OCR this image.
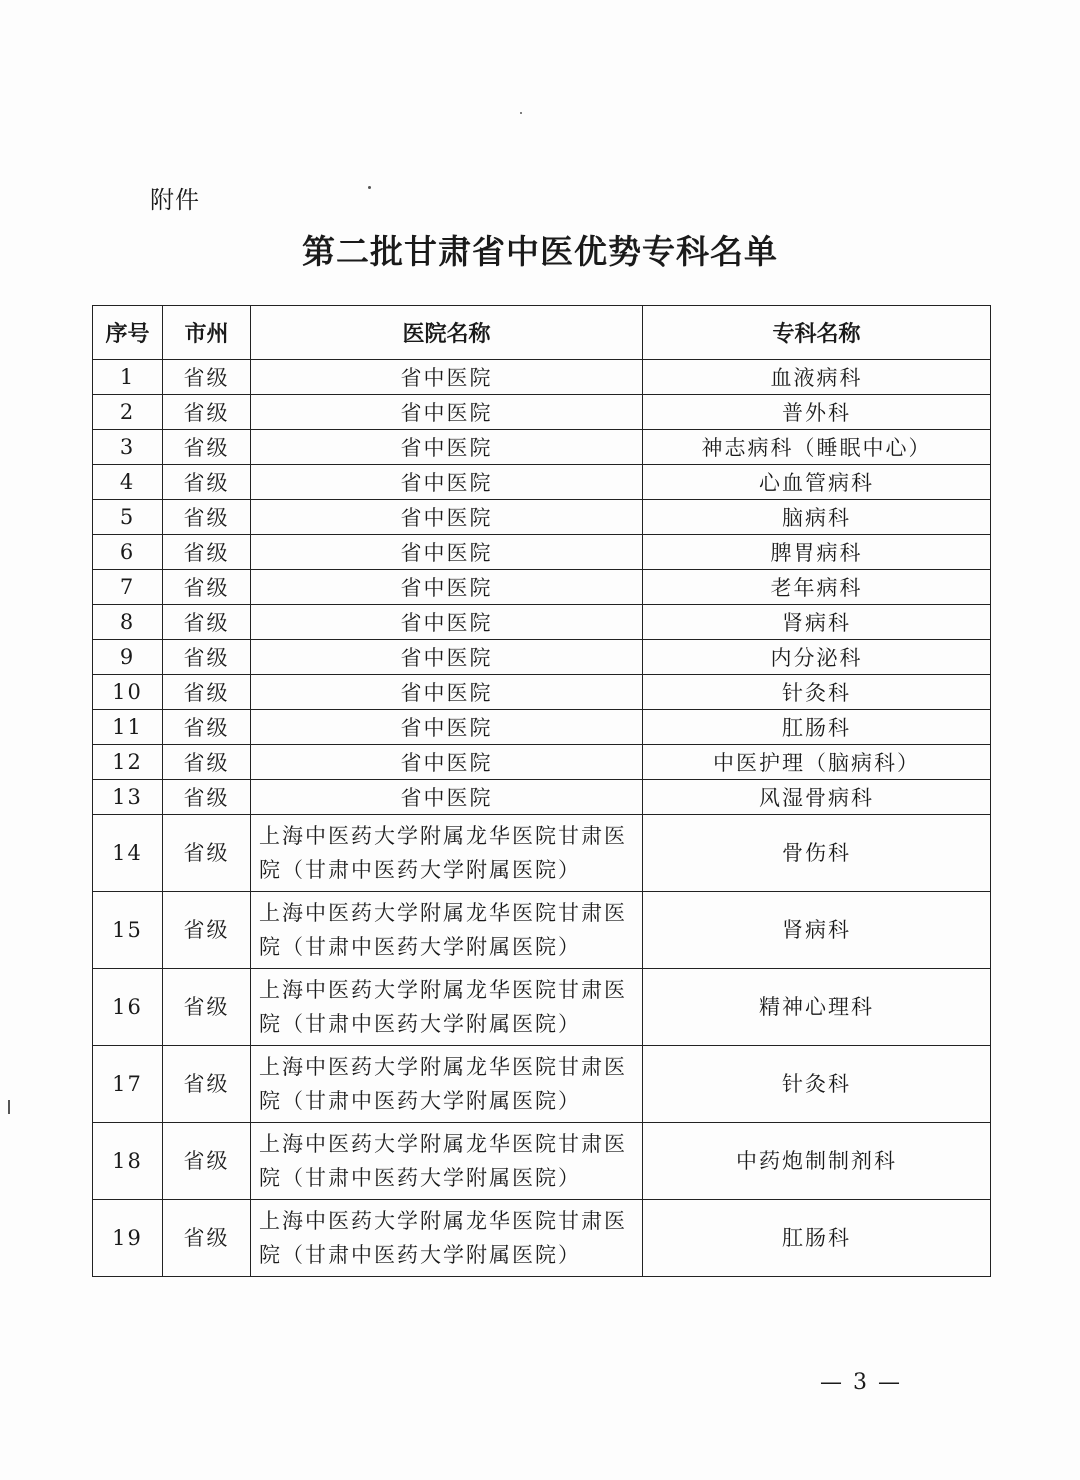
附件
第二批甘肃省中医优势专科名单
序号	市州	医院名称	专科名称
1	省级	省中医院	血液病科
2	省级	省中医院	普外科
3	省级	省中医院	神志病科（睡眠中心）
4	省级	省中医院	心血管病科
5	省级	省中医院	脑病科
6	省级	省中医院	脾胃病科
7	省级	省中医院	老年病科
8	省级	省中医院	肾病科
9	省级	省中医院	内分泌科
10	省级	省中医院	针灸科
11	省级	省中医院	肛肠科
12	省级	省中医院	中医护理（脑病科）
13	省级	省中医院	风湿骨病科
14	省级	上海中医药大学附属龙华医院甘肃医院（甘肃中医药大学附属医院）	骨伤科
15	省级	上海中医药大学附属龙华医院甘肃医院（甘肃中医药大学附属医院）	肾病科
16	省级	上海中医药大学附属龙华医院甘肃医院（甘肃中医药大学附属医院）	精神心理科
17	省级	上海中医药大学附属龙华医院甘肃医院（甘肃中医药大学附属医院）	针灸科
18	省级	上海中医药大学附属龙华医院甘肃医院（甘肃中医药大学附属医院）	中药炮制制剂科
19	省级	上海中医药大学附属龙华医院甘肃医院（甘肃中医药大学附属医院）	肛肠科
— 3 —
